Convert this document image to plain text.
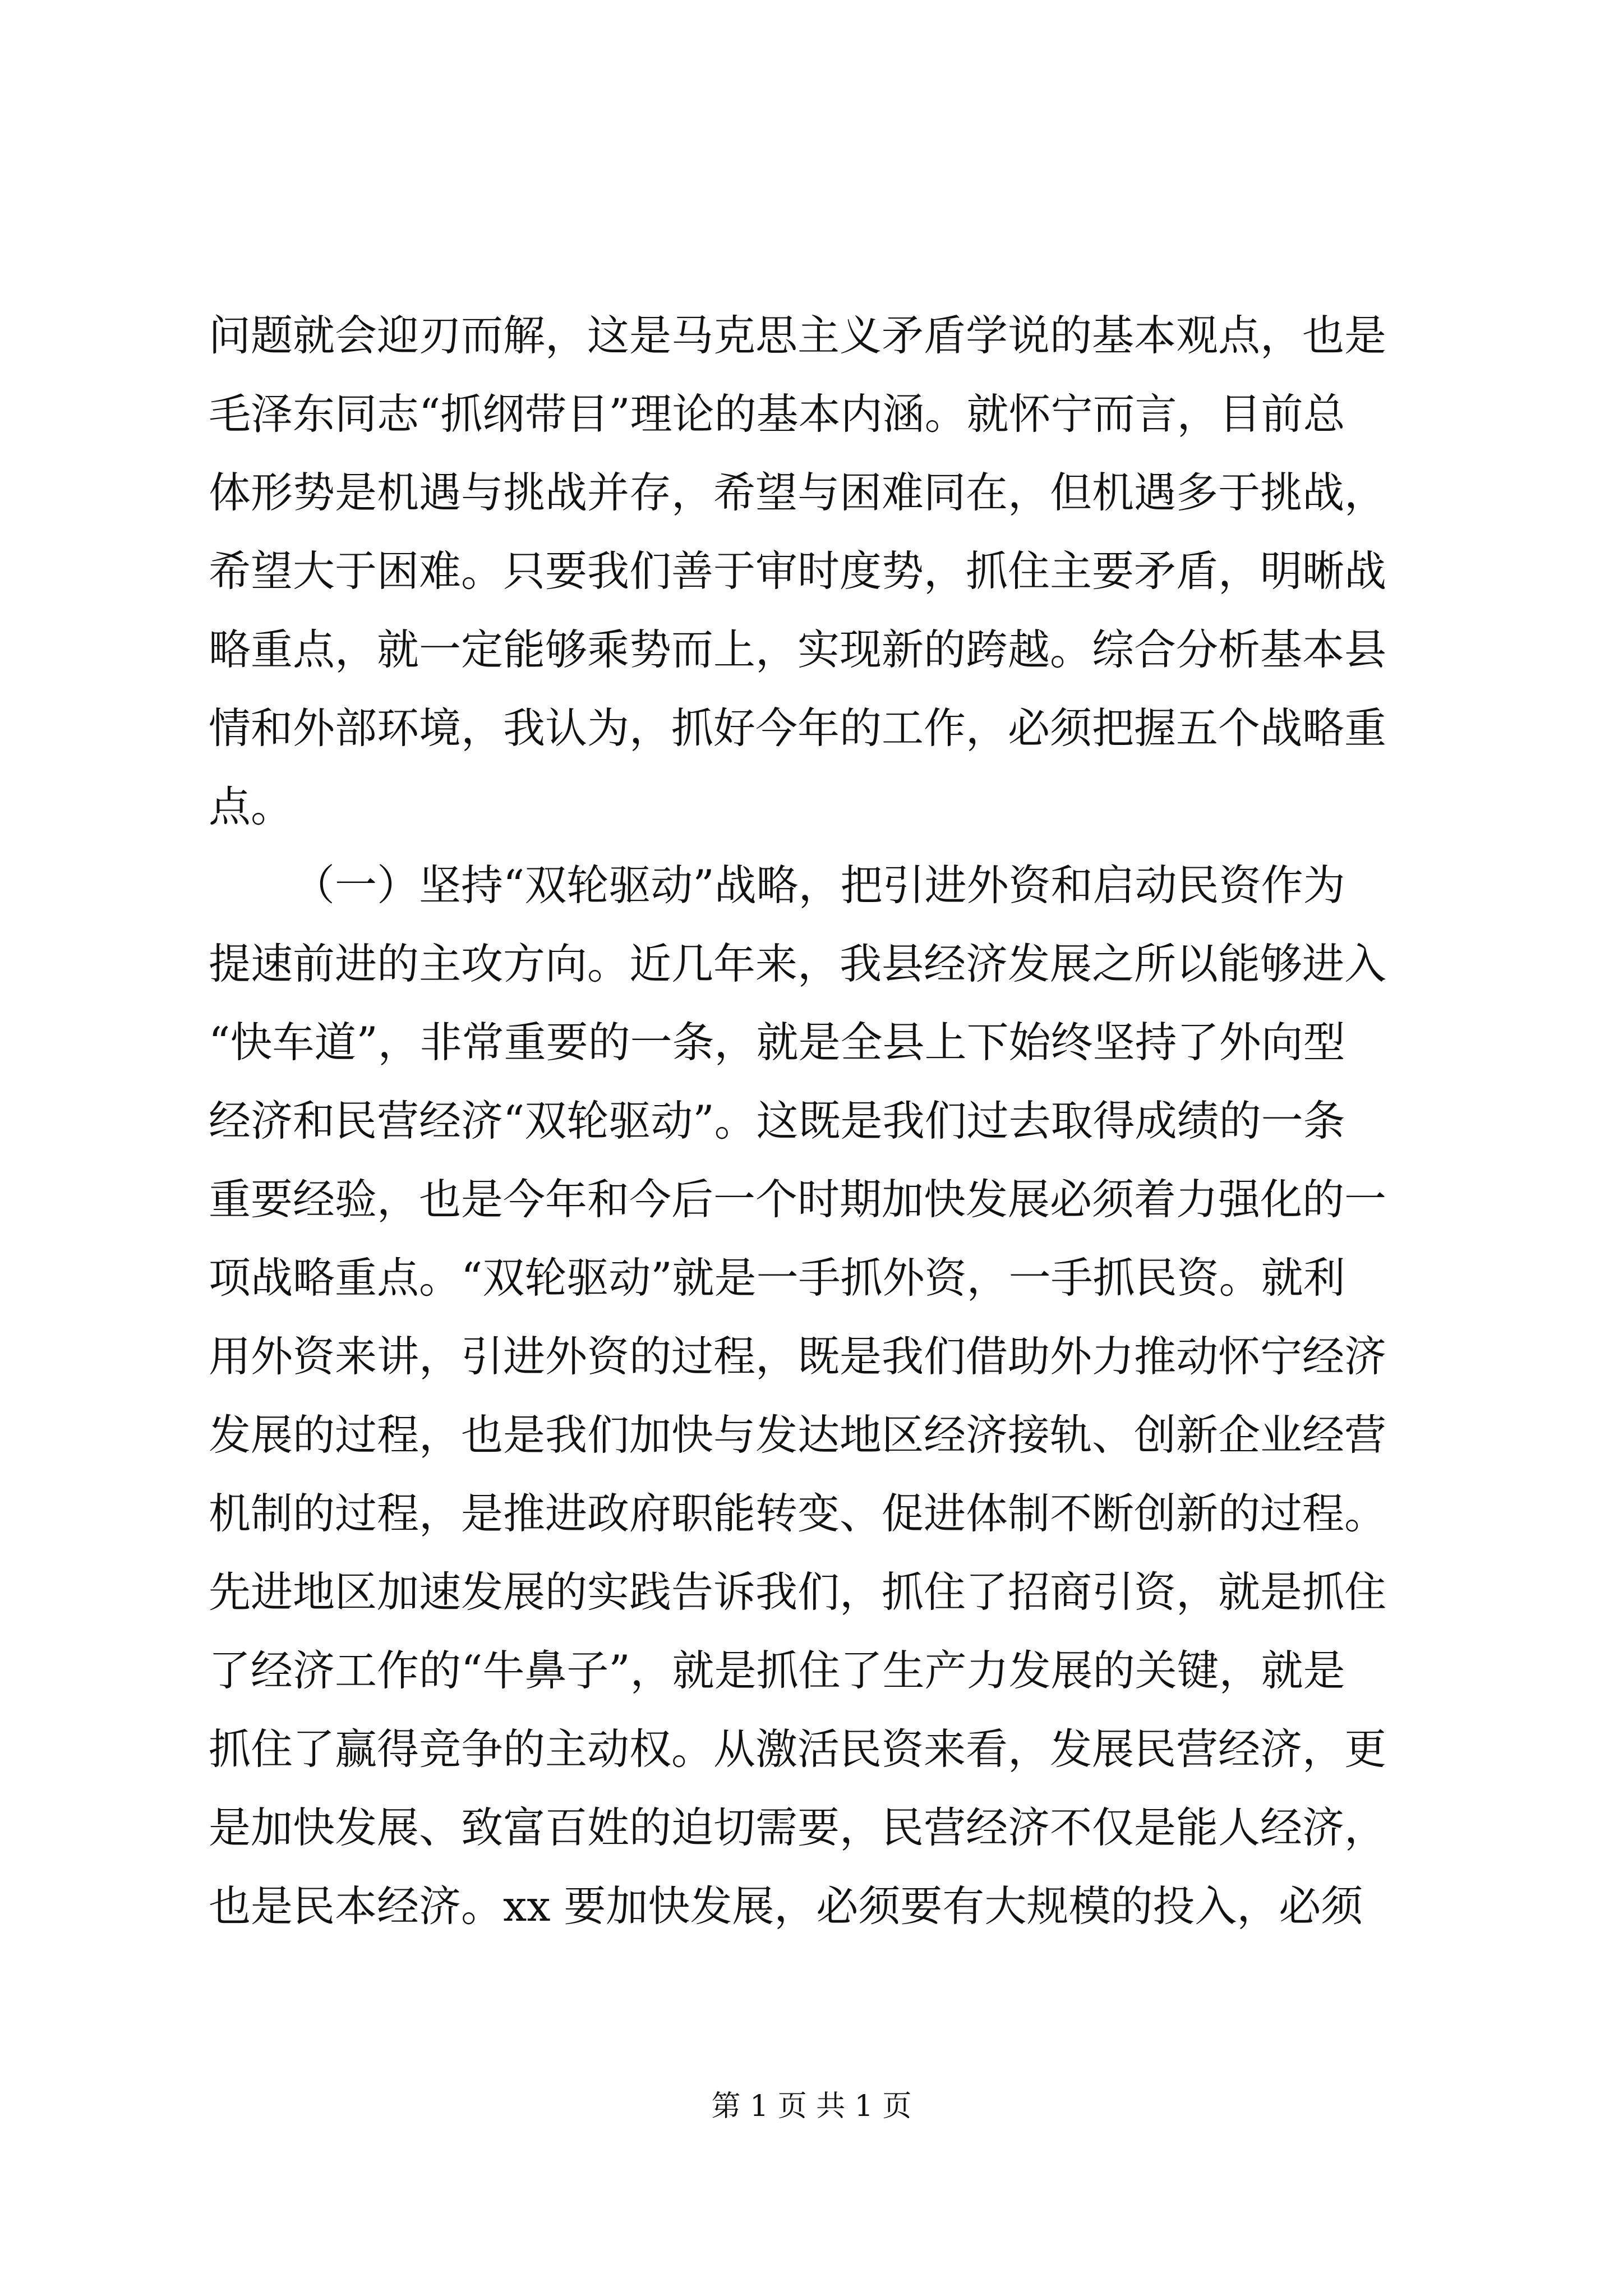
问题就会迎刃而解，这是马克思主义矛盾学说的基本观点，也是
毛泽东同志“抓纲带目”理论的基本内涵。就怀宁而言，目前总
体形势是机遇与挑战并存，希望与困难同在，但机遇多于挑战，
希望大于困难。只要我们善于审时度势，抓住主要矛盾，明晰战
略重点，就一定能够乘势而上，实现新的跨越。综合分析基本县
情和外部环境，我认为，抓好今年的工作，必须把握五个战略重
点。
（一）坚持“双轮驱动”战略，把引进外资和启动民资作为
提速前进的主攻方向。近几年来，我县经济发展之所以能够进入
“快车道”，非常重要的一条，就是全县上下始终坚持了外向型
经济和民营经济“双轮驱动”。这既是我们过去取得成绩的一条
重要经验，也是今年和今后一个时期加快发展必须着力强化的一
项战略重点。“双轮驱动”就是一手抓外资，一手抓民资。就利
用外资来讲，引进外资的过程，既是我们借助外力推动怀宁经济
发展的过程，也是我们加快与发达地区经济接轨、创新企业经营
机制的过程，是推进政府职能转变、促进体制不断创新的过程。
先进地区加速发展的实践告诉我们，抓住了招商引资，就是抓住
了经济工作的“牛鼻子”，就是抓住了生产力发展的关键，就是
抓住了赢得竞争的主动权。从激活民资来看，发展民营经济，更
是加快发展、致富百姓的迫切需要，民营经济不仅是能人经济，
也是民本经济。xx 要加快发展，必须要有大规模的投入，必须
第 1 页 共 1 页
